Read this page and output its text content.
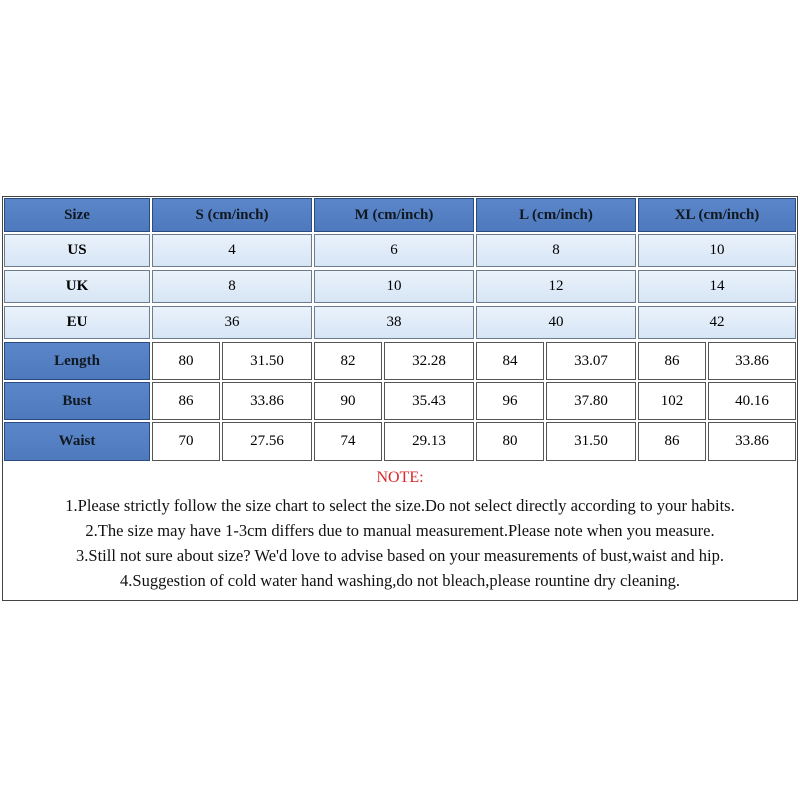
Size	S (cm/inch)	M (cm/inch)	L (cm/inch)	XL (cm/inch)
US	4	6	8	10
UK	8	10	12	14
EU	36	38	40	42
Length	80	31.50	82	32.28	84	33.07	86	33.86
Bust	86	33.86	90	35.43	96	37.80	102	40.16
Waist	70	27.56	74	29.13	80	31.50	86	33.86
NOTE:
1.Please strictly follow the size chart to select the size.Do not select directly according to your habits.
2.The size may have 1-3cm differs due to manual measurement.Please note when you measure.
3.Still not sure about size? We'd love to advise based on your measurements of bust,waist and hip.
4.Suggestion of cold water hand washing,do not bleach,please rountine dry cleaning.
